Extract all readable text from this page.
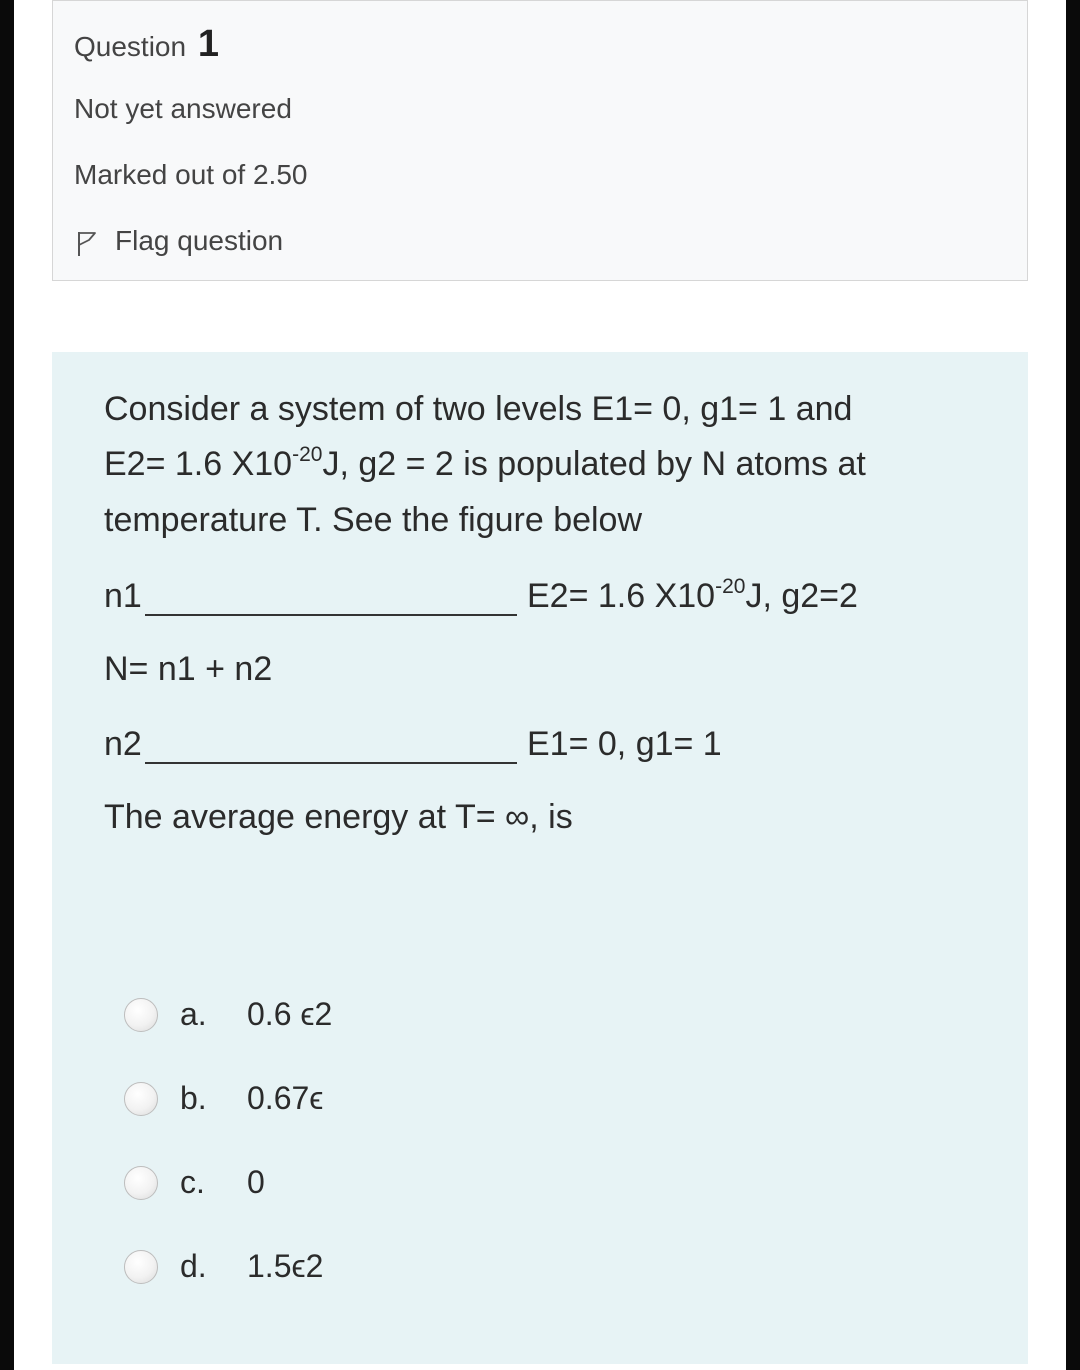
Question 1
Not yet answered
Marked out of 2.50
Flag question
Consider a system of two levels E1= 0, g1= 1 and
E2= 1.6 $X10^{-20}J$, g2 = 2 is populated by N atoms at
temperature T. See the figure below
n1	E2= 1.6 $X10^{-20}J$, g2=2
N= n1 + n2
n2	E1= 0, g1= 1
The average energy at T= ∞, is
a. 0.6 ϵ2
b. 0.67ϵ
c. 0
d. 1.5ϵ2
